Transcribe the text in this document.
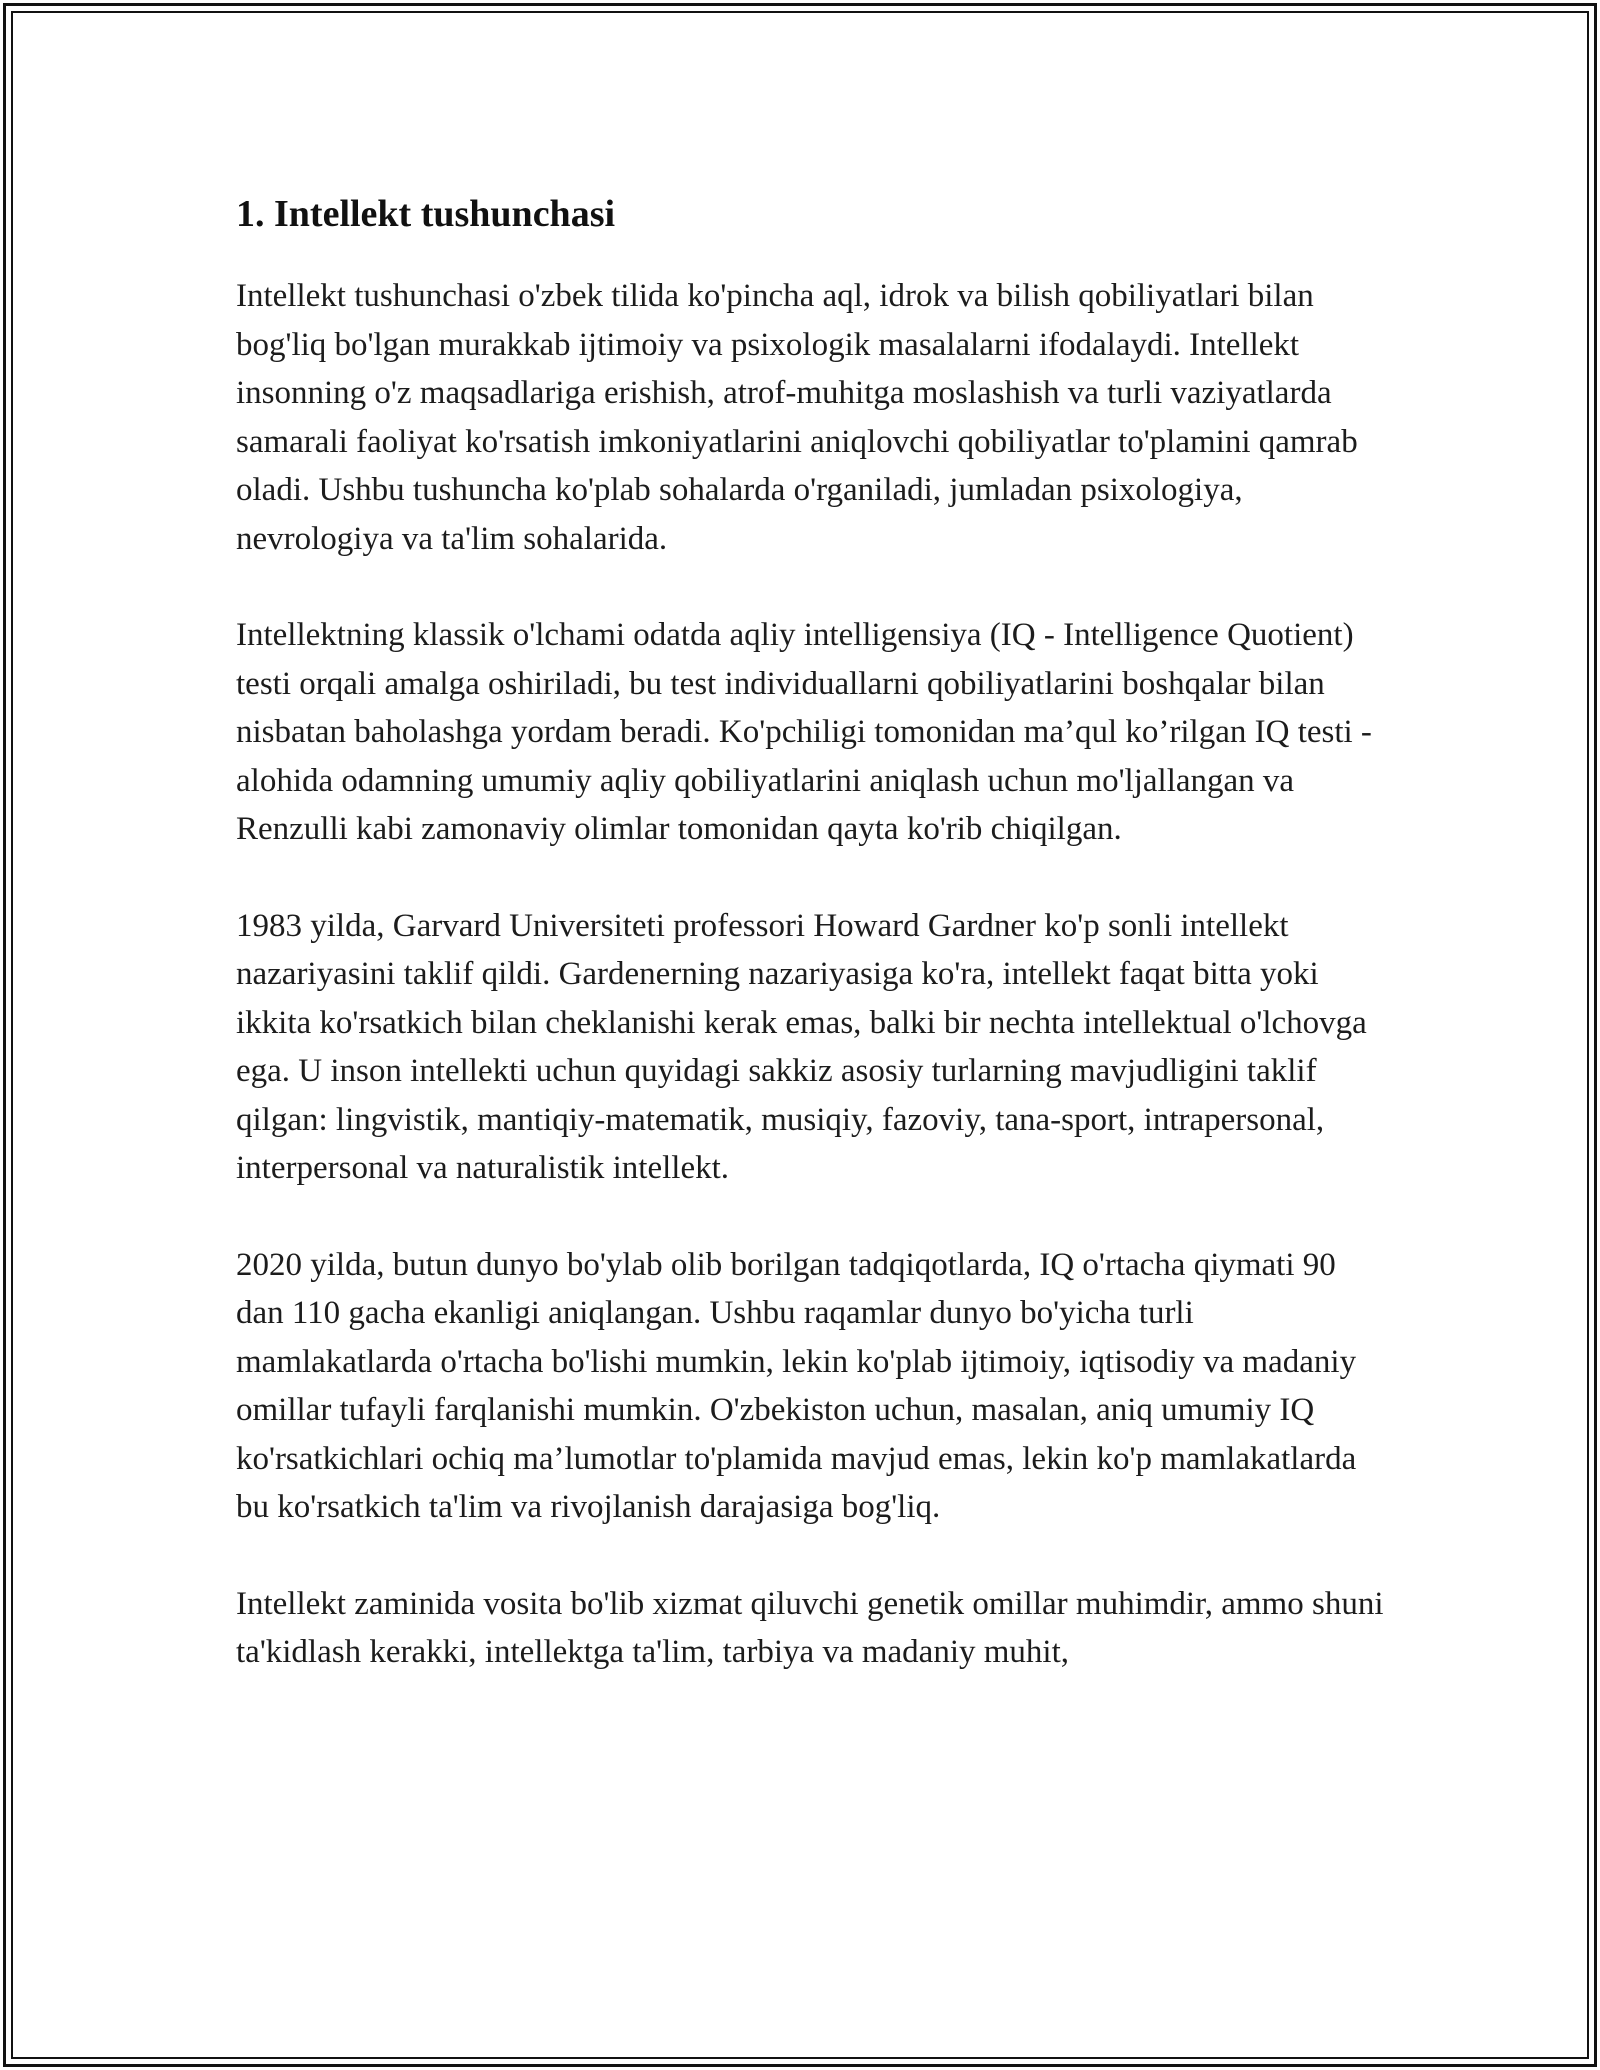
1. Intellekt tushunchasi

Intellekt tushunchasi o'zbek tilida ko'pincha aql, idrok va bilish qobiliyatlari bilan bog'liq bo'lgan murakkab ijtimoiy va psixologik masalalarni ifodalaydi. Intellekt insonning o'z maqsadlariga erishish, atrof-muhitga moslashish va turli vaziyatlarda samarali faoliyat ko'rsatish imkoniyatlarini aniqlovchi qobiliyatlar to'plamini qamrab oladi. Ushbu tushuncha ko'plab sohalarda o'rganiladi, jumladan psixologiya, nevrologiya va ta'lim sohalarida.

Intellektning klassik o'lchami odatda aqliy intelligensiya (IQ - Intelligence Quotient) testi orqali amalga oshiriladi, bu test individuallarni qobiliyatlarini boshqalar bilan nisbatan baholashga yordam beradi. Ko'pchiligi tomonidan ma’qul ko’rilgan IQ testi - alohida odamning umumiy aqliy qobiliyatlarini aniqlash uchun mo'ljallangan va Renzulli kabi zamonaviy olimlar tomonidan qayta ko'rib chiqilgan.

1983 yilda, Garvard Universiteti professori Howard Gardner ko'p sonli intellekt nazariyasini taklif qildi. Gardenerning nazariyasiga ko'ra, intellekt faqat bitta yoki ikkita ko'rsatkich bilan cheklanishi kerak emas, balki bir nechta intellektual o'lchovga ega. U inson intellekti uchun quyidagi sakkiz asosiy turlarning mavjudligini taklif qilgan: lingvistik, mantiqiy-matematik, musiqiy, fazoviy, tana-sport, intrapersonal, interpersonal va naturalistik intellekt.

2020 yilda, butun dunyo bo'ylab olib borilgan tadqiqotlarda, IQ o'rtacha qiymati 90 dan 110 gacha ekanligi aniqlangan. Ushbu raqamlar dunyo bo'yicha turli mamlakatlarda o'rtacha bo'lishi mumkin, lekin ko'plab ijtimoiy, iqtisodiy va madaniy omillar tufayli farqlanishi mumkin. O'zbekiston uchun, masalan, aniq umumiy IQ ko'rsatkichlari ochiq ma’lumotlar to'plamida mavjud emas, lekin ko'p mamlakatlarda bu ko'rsatkich ta'lim va rivojlanish darajasiga bog'liq.

Intellekt zaminida vosita bo'lib xizmat qiluvchi genetik omillar muhimdir, ammo shuni ta'kidlash kerakki, intellektga ta'lim, tarbiya va madaniy muhit,
